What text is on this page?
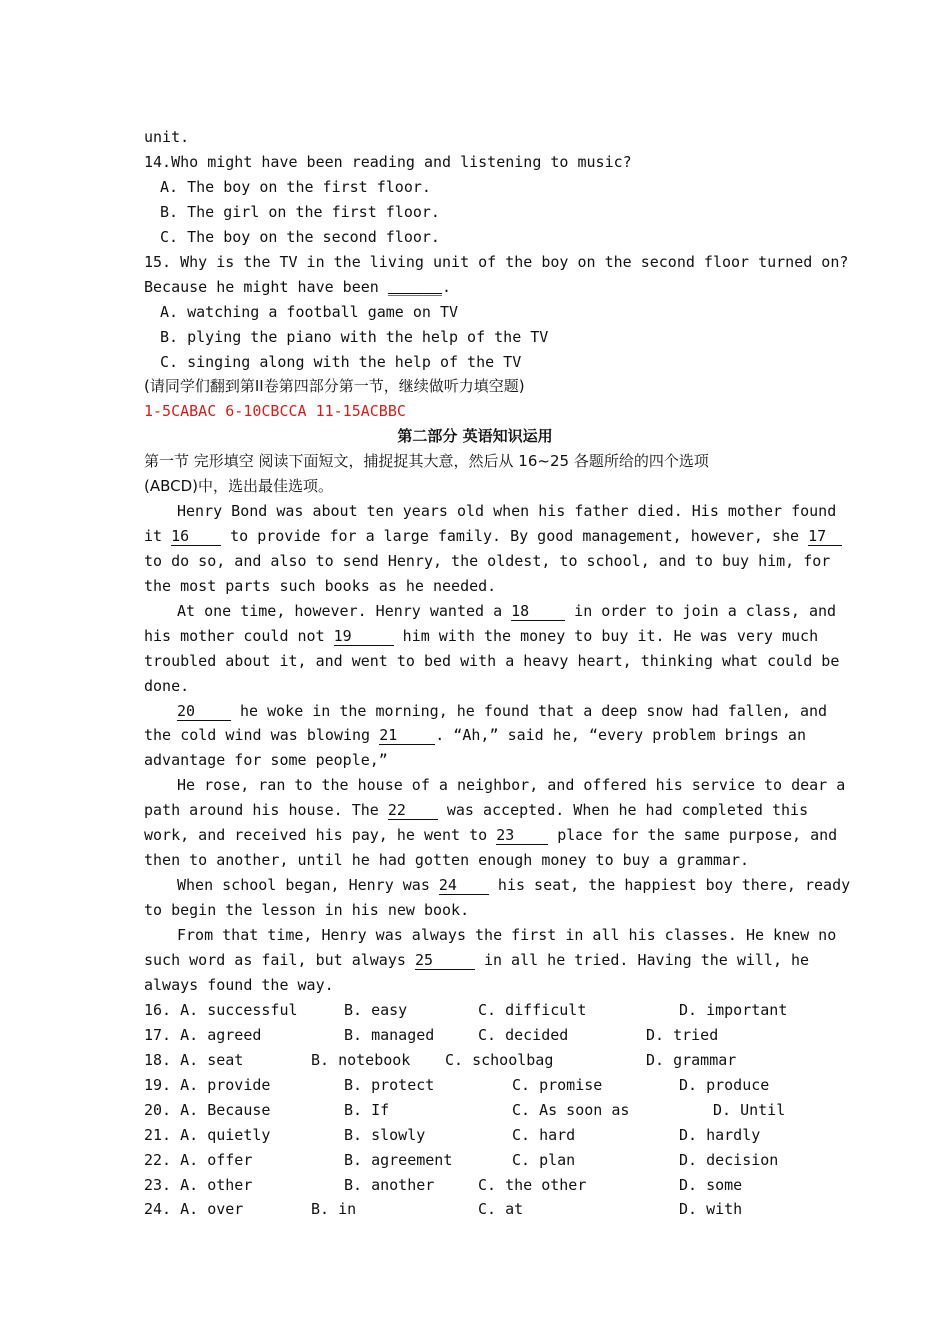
unit.
14.Who might have been reading and listening to music?
A. The boy on the first floor.
B. The girl on the first floor.
C. The boy on the second floor.
15. Why is the TV in the living unit of the boy on the second floor turned on?
Because he might have been ______.
A. watching a football game on TV
B. plying the piano with the help of the TV
C. singing along with the help of the TV
(请同学们翻到第II卷第四部分第一节，继续做听力填空题)
1-5CABAC 6-10CBCCA 11-15ACBBC
第二部分 英语知识运用
第一节 完形填空 阅读下面短文，捕捉捉其大意，然后从 16~25 各题所给的四个选项
(ABCD)中，选出最佳选项。
Henry Bond was about ten years old when his father died. His mother found
it 16 to provide for a large family. By good management, however, she 17
to do so, and also to send Henry, the oldest, to school, and to buy him, for
the most parts such books as he needed.
At one time, however. Henry wanted a 18 in order to join a class, and
his mother could not 19	him with the money to buy it. He was very much
troubled about it, and went to bed with a heavy heart, thinking what could be
done.
20 he woke in the morning, he found that a deep snow had fallen, and
the cold wind was blowing 21	. “Ah,” said he, “every problem brings an
advantage for some people,”
He rose, ran to the house of a neighbor, and offered his service to dear a
path around his house. The 22 was accepted. When he had completed this
work, and received his pay, he went to 23 place for the same purpose, and
then to another, until he had gotten enough money to buy a grammar.
When school began, Henry was 24 his seat, the happiest boy there, ready
to begin the lesson in his new book.
From that time, Henry was always the first in all his classes. He knew no
such word as fail, but always 25	in all he tried. Having the will, he
always found the way.
16. A. successful	B. easy	C. difficult	D. important
17. A. agreed	B. managed	C. decided	D. tried
18. A. seat	B. notebook C. schoolbag	D. grammar
19. A. provide	B. protect	C. promise	D. produce
20. A. Because	B. If	C. As soon as	D. Until
21. A. quietly	B. slowly	C. hard	D. hardly
22. A. offer	B. agreement	C. plan	D. decision
23. A. other	B. another	C. the other	D. some
24. A. over	B. in	C. at	D. with
